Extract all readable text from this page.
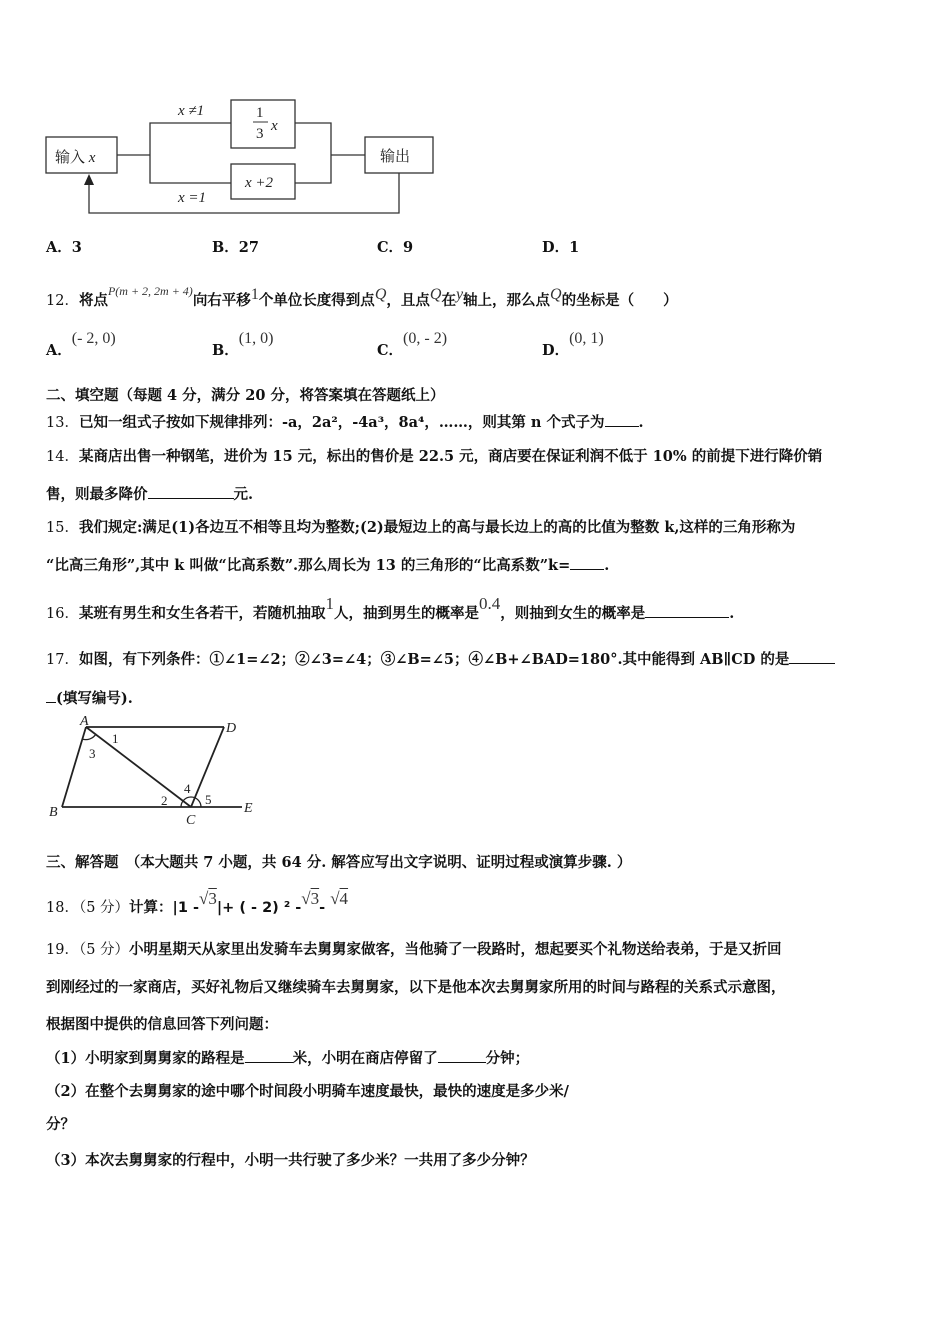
输入 x	输出
x ≠1
x =1
1
3 x
x +2
A．3	B．27	C．9	D．1
12．将点$^{P(m + 2, 2m + 4)}$向右平移1个单位长度得到点Q，且点Q在y轴上，那么点Q的坐标是（　　）
A．(- 2, 0)
B．(1, 0)
C．(0, - 2)
D．(0, 1)
二、填空题（每题 4 分，满分 20 分，将答案填在答题纸上）
13．已知一组式子按如下规律排列：-a，2a²，-4a³，8a⁴，……，则其第 n 个式子为 .
14．某商店出售一种钢笔，进价为 15 元，标出的售价是 22.5 元，商店要在保证利润不低于 10% 的前提下进行降价销
售，则最多降价	元.
15．我们规定:满足(1)各边互不相等且均为整数;(2)最短边上的高与最长边上的高的比值为整数 k,这样的三角形称为
“比高三角形”,其中 k 叫做“比高系数”.那么周长为 13 的三角形的“比高系数”k= .
16．某班有男生和女生各若干，若随机抽取1人，抽到男生的概率是0.4，则抽到女生的概率是	.
17．如图，有下列条件：①∠1=∠2；②∠3=∠4；③∠B=∠5；④∠B+∠BAD=180°.其中能得到 AB∥CD 的是
(填写编号).
A	D
B
C
E
1
2
3
4
5
三、解答题　（本大题共 7 小题，共 64 分. 解答应写出文字说明、证明过程或演算步骤. ）
18．（5 分）计算：|1 -√3|+ ( - 2) ² -√3- √4
19．（5 分）小明星期天从家里出发骑车去舅舅家做客，当他骑了一段路时，想起要买个礼物送给表弟，于是又折回
到刚经过的一家商店，买好礼物后又继续骑车去舅舅家，以下是他本次去舅舅家所用的时间与路程的关系式示意图，
根据图中提供的信息回答下列问题：
（1）小明家到舅舅家的路程是	米，小明在商店停留了	分钟；
（2）在整个去舅舅家的途中哪个时间段小明骑车速度最快，最快的速度是多少米/
分？
（3）本次去舅舅家的行程中，小明一共行驶了多少米？一共用了多少分钟？
